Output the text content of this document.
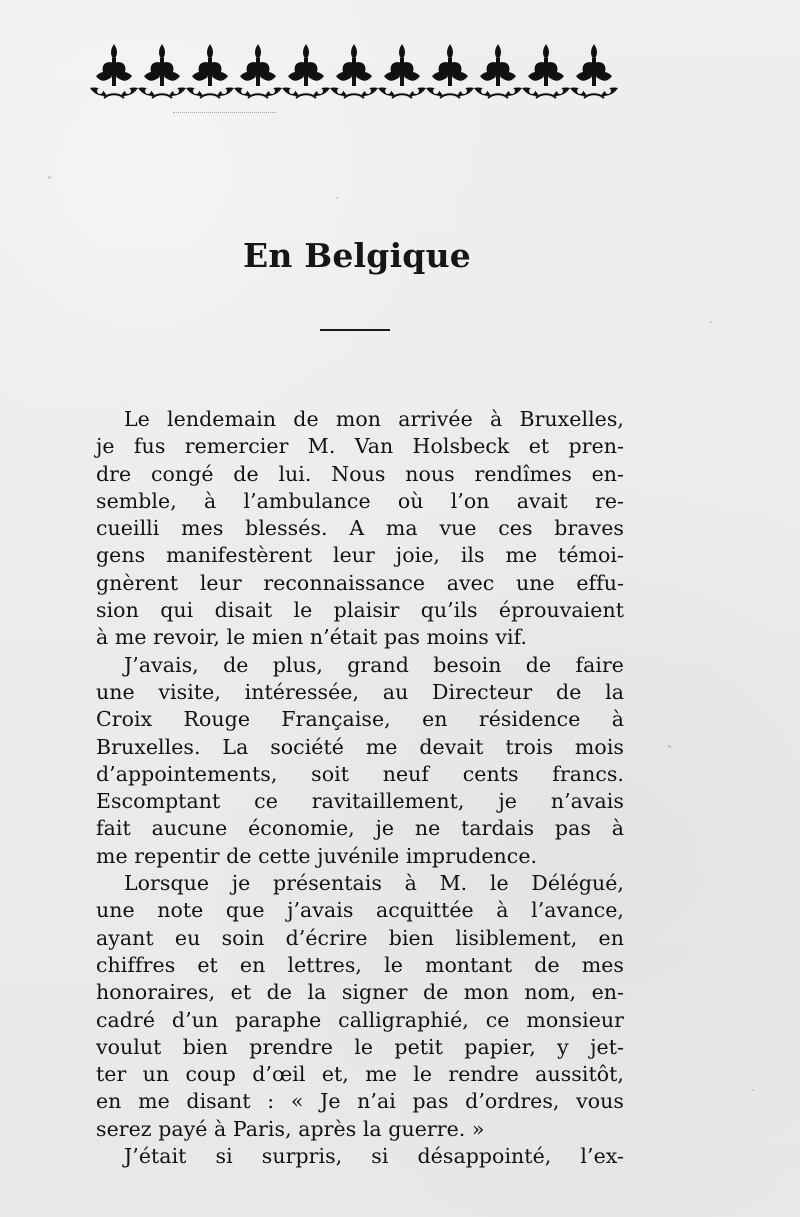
En Belgique
Le lendemain de mon arrivée à Bruxelles,
je fus remercier M. Van Holsbeck et pren-
dre congé de lui. Nous nous rendîmes en-
semble, à l’ambulance où l’on avait re-
cueilli mes blessés. A ma vue ces braves
gens manifestèrent leur joie, ils me témoi-
gnèrent leur reconnaissance avec une effu-
sion qui disait le plaisir qu’ils éprouvaient
à me revoir, le mien n’était pas moins vif.
J’avais, de plus, grand besoin de faire
une visite, intéressée, au Directeur de la
Croix Rouge Française, en résidence à
Bruxelles. La société me devait trois mois
d’appointements, soit neuf cents francs.
Escomptant ce ravitaillement, je n’avais
fait aucune économie, je ne tardais pas à
me repentir de cette juvénile imprudence.
Lorsque je présentais à M. le Délégué,
une note que j’avais acquittée à l’avance,
ayant eu soin d’écrire bien lisiblement, en
chiffres et en lettres, le montant de mes
honoraires, et de la signer de mon nom, en-
cadré d’un paraphe calligraphié, ce monsieur
voulut bien prendre le petit papier, y jet-
ter un coup d’œil et, me le rendre aussitôt,
en me disant : « Je n’ai pas d’ordres, vous
serez payé à Paris, après la guerre. »
J’était si surpris, si désappointé, l’ex-
